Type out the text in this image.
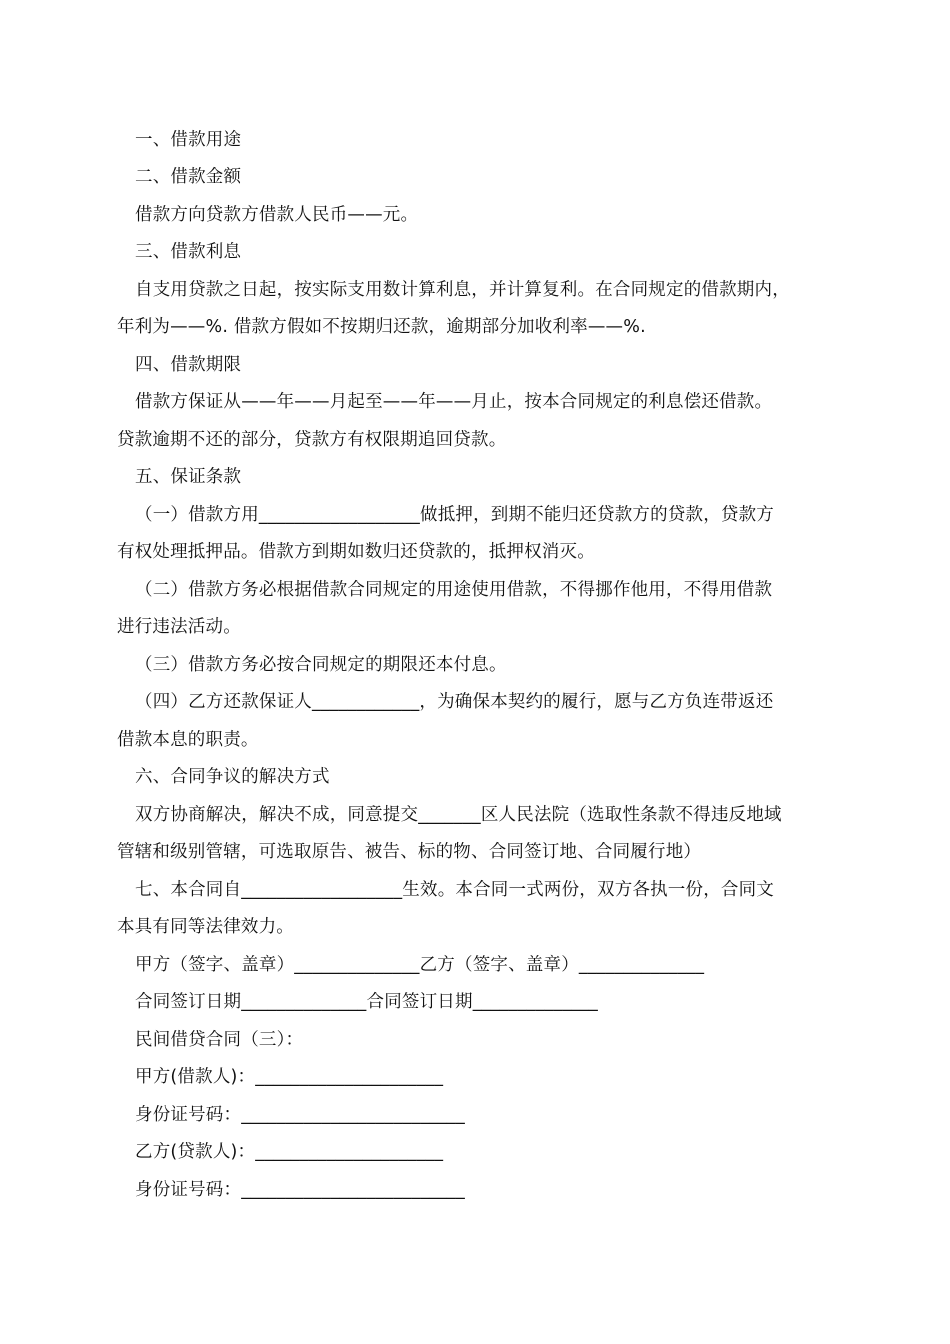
一、借款用途

二、借款金额

借款方向贷款方借款人民币——元。

三、借款利息

自支用贷款之日起，按实际支用数计算利息，并计算复利。在合同规定的借款期内，

年利为——%. 借款方假如不按期归还款，逾期部分加收利率——%.

四、借款期限

借款方保证从——年——月起至——年——月止，按本合同规定的利息偿还借款。

贷款逾期不还的部分，贷款方有权限期追回贷款。

五、保证条款

（一）借款方用__________________做抵押，到期不能归还贷款方的贷款，贷款方

有权处理抵押品。借款方到期如数归还贷款的，抵押权消灭。

（二）借款方务必根据借款合同规定的用途使用借款，不得挪作他用，不得用借款

进行违法活动。

（三）借款方务必按合同规定的期限还本付息。

（四）乙方还款保证人____________，为确保本契约的履行，愿与乙方负连带返还

借款本息的职责。

六、合同争议的解决方式

双方协商解决，解决不成，同意提交_______区人民法院（选取性条款不得违反地域

管辖和级别管辖，可选取原告、被告、标的物、合同签订地、合同履行地）

七、本合同自__________________生效。本合同一式两份，双方各执一份，合同文

本具有同等法律效力。

甲方（签字、盖章）______________乙方（签字、盖章）______________

合同签订日期______________合同签订日期______________

民间借贷合同（三）：

甲方(借款人)：_____________________

身份证号码：_________________________

乙方(贷款人)：_____________________

身份证号码：_________________________
